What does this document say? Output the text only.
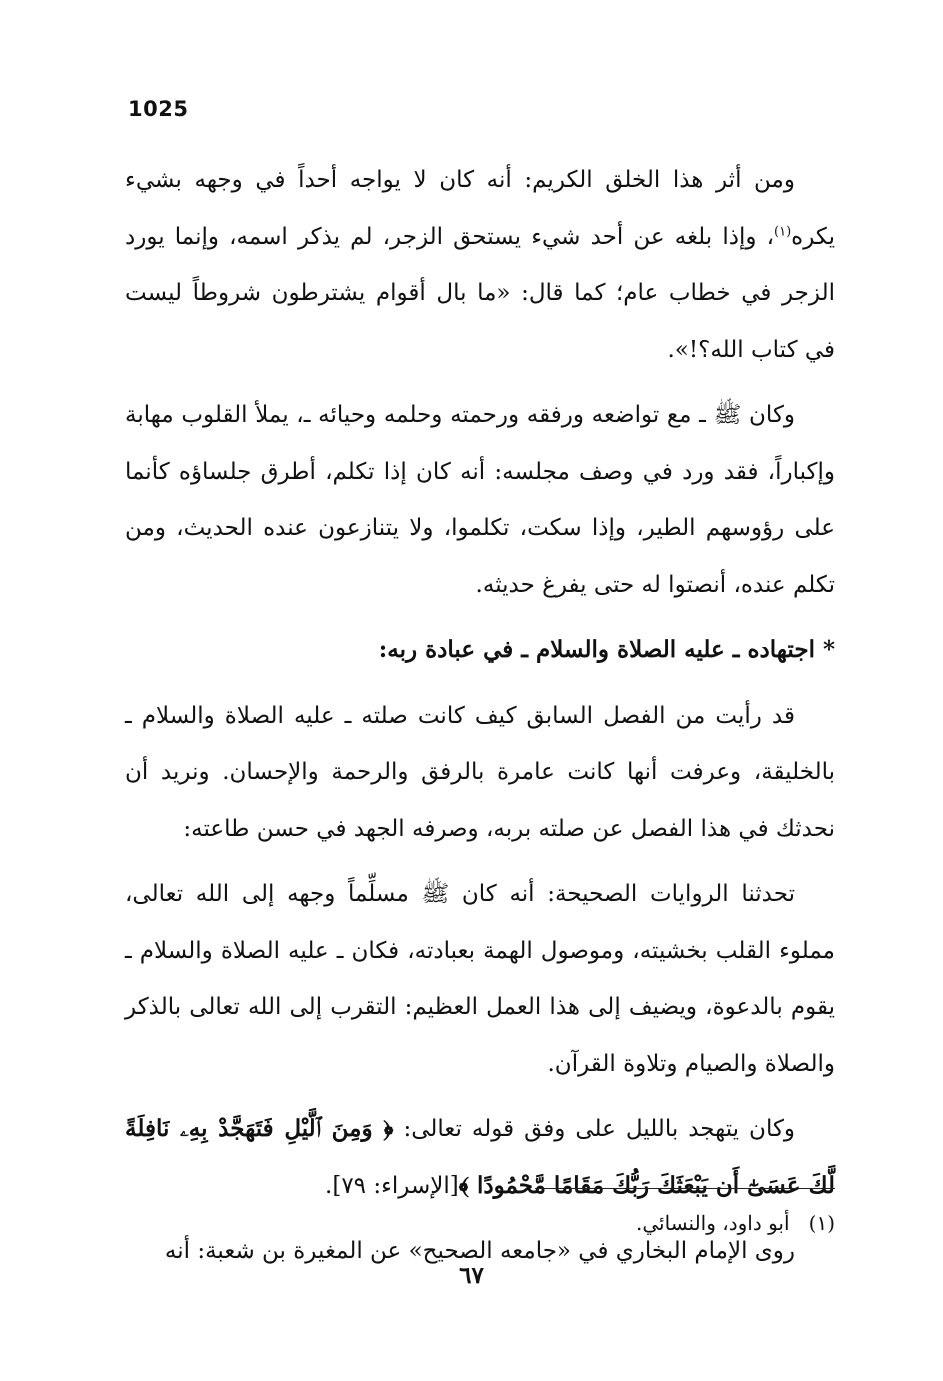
1025

ومن أثر هذا الخلق الكريم: أنه كان لا يواجه أحداً في وجهه بشيء يكره$^{(١)}$، وإذا بلغه عن أحد شيء يستحق الزجر، لم يذكر اسمه، وإنما يورد الزجر في خطاب عام؛ كما قال: «ما بال أقوام يشترطون شروطاً ليست في كتاب الله؟!».

وكان ﷺ ـ مع تواضعه ورفقه ورحمته وحلمه وحيائه ـ، يملأ القلوب مهابة وإكباراً، فقد ورد في وصف مجلسه: أنه كان إذا تكلم، أطرق جلساؤه كأنما على رؤوسهم الطير، وإذا سكت، تكلموا، ولا يتنازعون عنده الحديث، ومن تكلم عنده، أنصتوا له حتى يفرغ حديثه.

* اجتهاده ـ عليه الصلاة والسلام ـ في عبادة ربه:

قد رأيت من الفصل السابق كيف كانت صلته ـ عليه الصلاة والسلام ـ بالخليقة، وعرفت أنها كانت عامرة بالرفق والرحمة والإحسان. ونريد أن نحدثك في هذا الفصل عن صلته بربه، وصرفه الجهد في حسن طاعته:

تحدثنا الروايات الصحيحة: أنه كان ﷺ مسلِّماً وجهه إلى الله تعالى، مملوء القلب بخشيته، وموصول الهمة بعبادته، فكان ـ عليه الصلاة والسلام ـ يقوم بالدعوة، ويضيف إلى هذا العمل العظيم: التقرب إلى الله تعالى بالذكر والصلاة والصيام وتلاوة القرآن.

وكان يتهجد بالليل على وفق قوله تعالى: ﴿ وَمِنَ ٱلَّيْلِ فَتَهَجَّدْ بِهِۦ نَافِلَةً لَّكَ عَسَىٰٓ أَن يَبْعَثَكَ رَبُّكَ مَقَامًا مَّحْمُودًا ﴾[الإسراء: ٧٩].

روى الإمام البخاري في «جامعه الصحيح» عن المغيرة بن شعبة: أنه

(١)   أبو داود، والنسائي.
٦٧
